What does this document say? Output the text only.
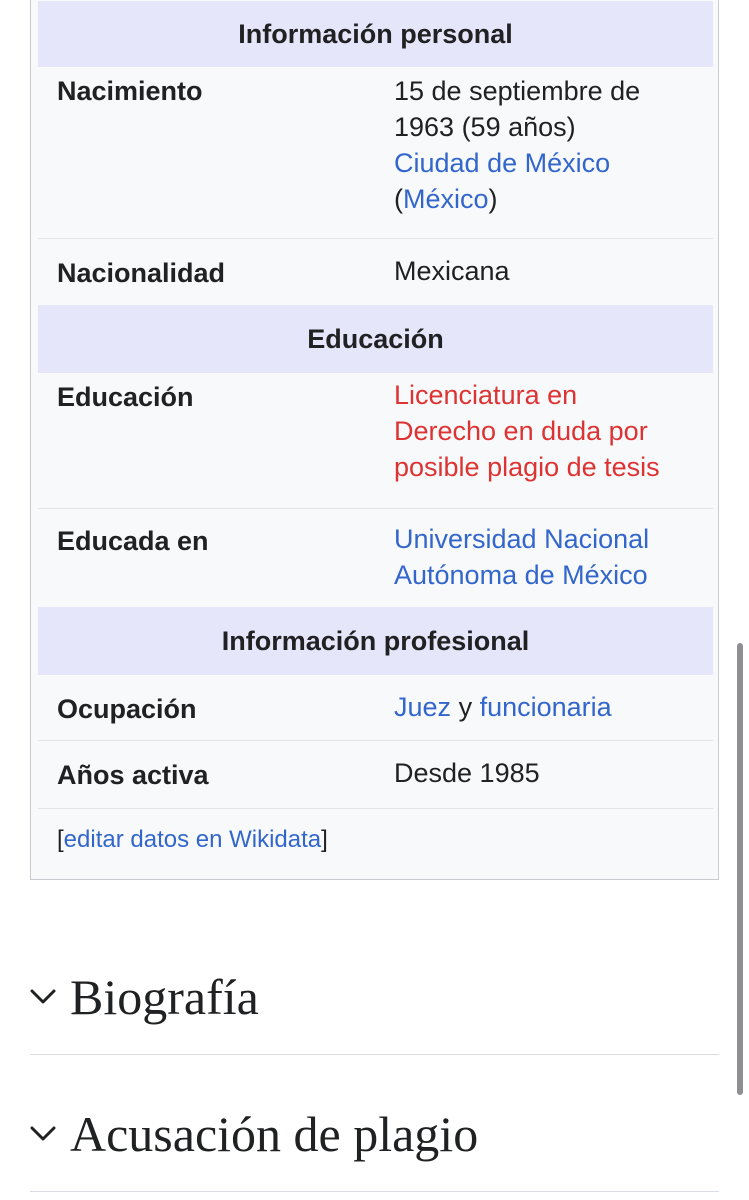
Información personal
Nacimiento	15 de septiembre de
1963 (59 años)
Ciudad de México
(México)
Nacionalidad	Mexicana
Educación
Educación	Licenciatura en
Derecho en duda por
posible plagio de tesis
Educada en	Universidad Nacional
Autónoma de México
Información profesional
Ocupación	Juez y funcionaria
Años activa	Desde 1985
[editar datos en Wikidata]
Biografía
Acusación de plagio
